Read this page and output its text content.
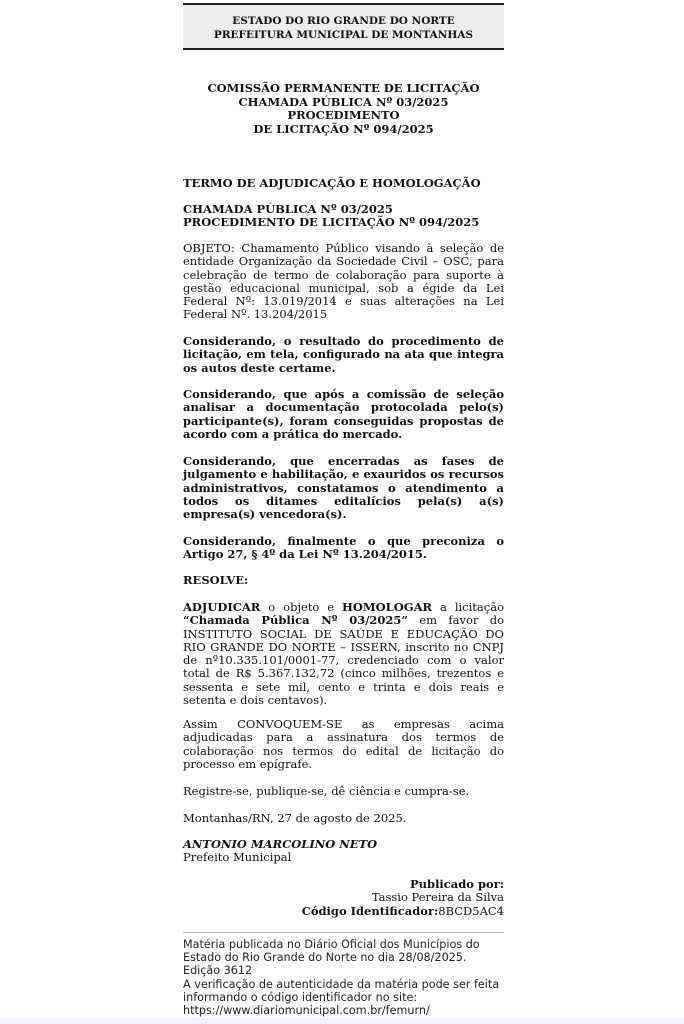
ESTADO DO RIO GRANDE DO NORTE
PREFEITURA MUNICIPAL DE MONTANHAS
COMISSÃO PERMANENTE DE LICITAÇÃO
CHAMADA PÚBLICA Nº 03/2025 PROCEDIMENTO
DE LICITAÇÃO Nº 094/2025
TERMO DE ADJUDICAÇÃO E HOMOLOGAÇÃO
CHAMADA PÚBLICA Nº 03/2025
PROCEDIMENTO DE LICITAÇÃO Nº 094/2025

OBJETO: Chamamento Público visando à seleção de entidade Organização da Sociedade Civil – OSC, para celebração de termo de colaboração para suporte à gestão educacional municipal, sob a égide da Lei Federal Nº: 13.019/2014 e suas alterações na Lei Federal Nº. 13.204/2015

Considerando, o resultado do procedimento de licitação, em tela, configurado na ata que integra os autos deste certame.

Considerando, que após a comissão de seleção analisar a documentação protocolada pelo(s) participante(s), foram conseguidas propostas de acordo com a prática do mercado.

Considerando, que encerradas as fases de julgamento e habilitação, e exauridos os recursos administrativos, constatamos o atendimento a todos os ditames editalícios pela(s) a(s) empresa(s) vencedora(s).

Considerando, finalmente o que preconiza o Artigo 27, § 4º da Lei Nº 13.204/2015.

RESOLVE:

ADJUDICAR o objeto e HOMOLOGAR a licitação “Chamada Pública Nº 03/2025” em favor do INSTITUTO SOCIAL DE SAÚDE E EDUCAÇÃO DO RIO GRANDE DO NORTE – ISSERN, inscrito no CNPJ de nº10.335.101/0001-77, credenciado com o valor total de R$ 5.367.132,72 (cinco milhões, trezentos e sessenta e sete mil, cento e trinta e dois reais e setenta e dois centavos).

Assim CONVOQUEM-SE as empresas acima adjudicadas para a assinatura dos termos de colaboração nos termos do edital de licitação do processo em epígrafe.

Registre-se, publique-se, dê ciência e cumpra-se.

Montanhas/RN, 27 de agosto de 2025.

ANTONIO MARCOLINO NETO
Prefeito Municipal
Publicado por:
Tassio Pereira da Silva
Código Identificador:8BCD5AC4
Matéria publicada no Diário Oficial dos Municípios do Estado do Rio Grande do Norte no dia 28/08/2025. Edição 3612
A verificação de autenticidade da matéria pode ser feita informando o código identificador no site:
https://www.diariomunicipal.com.br/femurn/
